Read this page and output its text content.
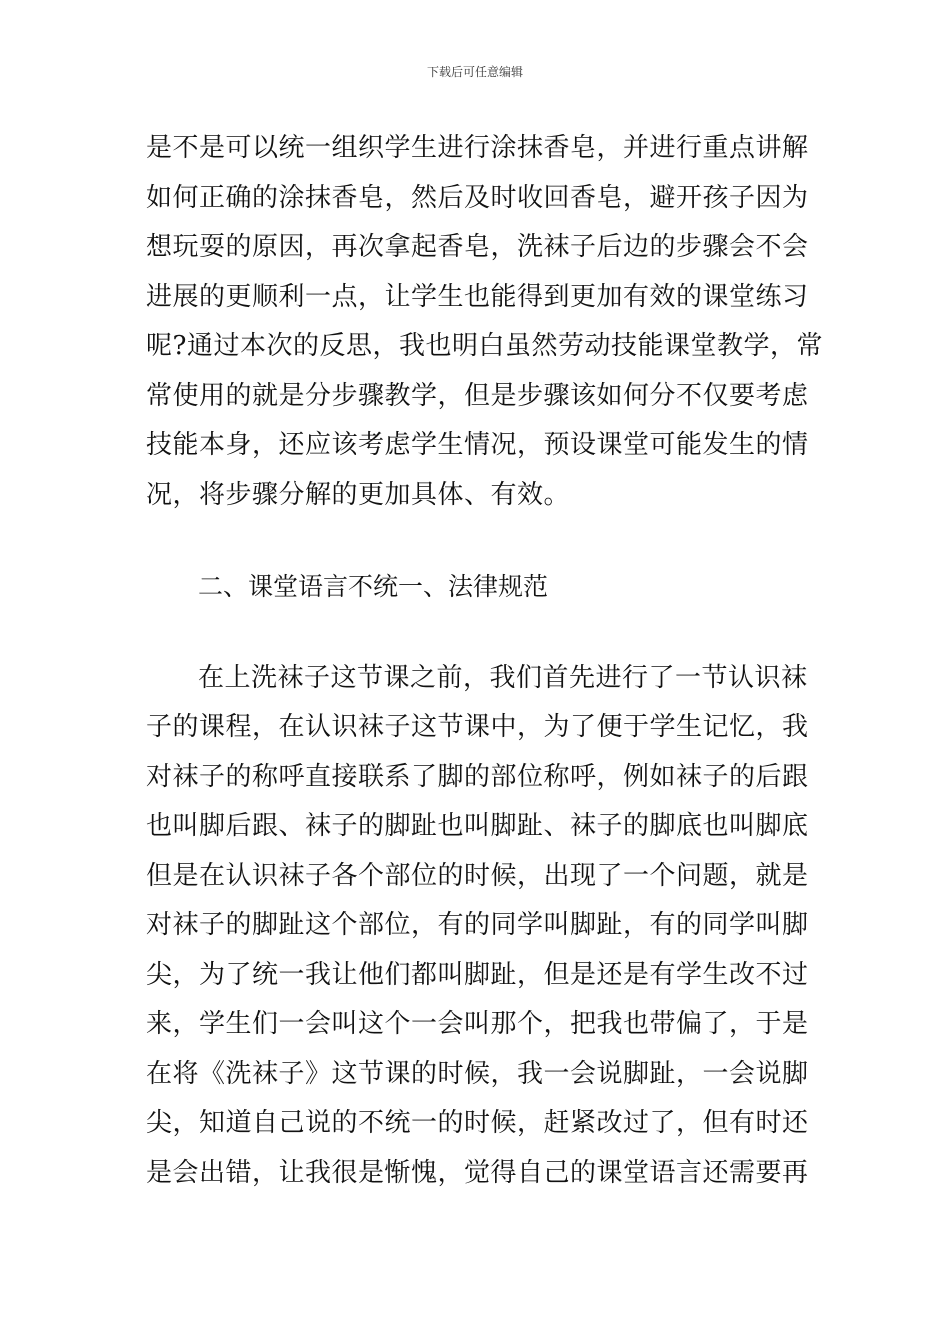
下载后可任意编辑
是不是可以统一组织学生进行涂抹香皂，并进行重点讲解
如何正确的涂抹香皂，然后及时收回香皂，避开孩子因为
想玩耍的原因，再次拿起香皂，洗袜子后边的步骤会不会
进展的更顺利一点，让学生也能得到更加有效的课堂练习
呢?通过本次的反思，我也明白虽然劳动技能课堂教学，常
常使用的就是分步骤教学，但是步骤该如何分不仅要考虑
技能本身，还应该考虑学生情况，预设课堂可能发生的情
况，将步骤分解的更加具体、有效。
二、课堂语言不统一、法律规范
在上洗袜子这节课之前，我们首先进行了一节认识袜
子的课程，在认识袜子这节课中，为了便于学生记忆，我
对袜子的称呼直接联系了脚的部位称呼，例如袜子的后跟
也叫脚后跟、袜子的脚趾也叫脚趾、袜子的脚底也叫脚底
但是在认识袜子各个部位的时候，出现了一个问题，就是
对袜子的脚趾这个部位，有的同学叫脚趾，有的同学叫脚
尖，为了统一我让他们都叫脚趾，但是还是有学生改不过
来，学生们一会叫这个一会叫那个，把我也带偏了，于是
在将《洗袜子》这节课的时候，我一会说脚趾，一会说脚
尖，知道自己说的不统一的时候，赶紧改过了，但有时还
是会出错，让我很是惭愧，觉得自己的课堂语言还需要再
